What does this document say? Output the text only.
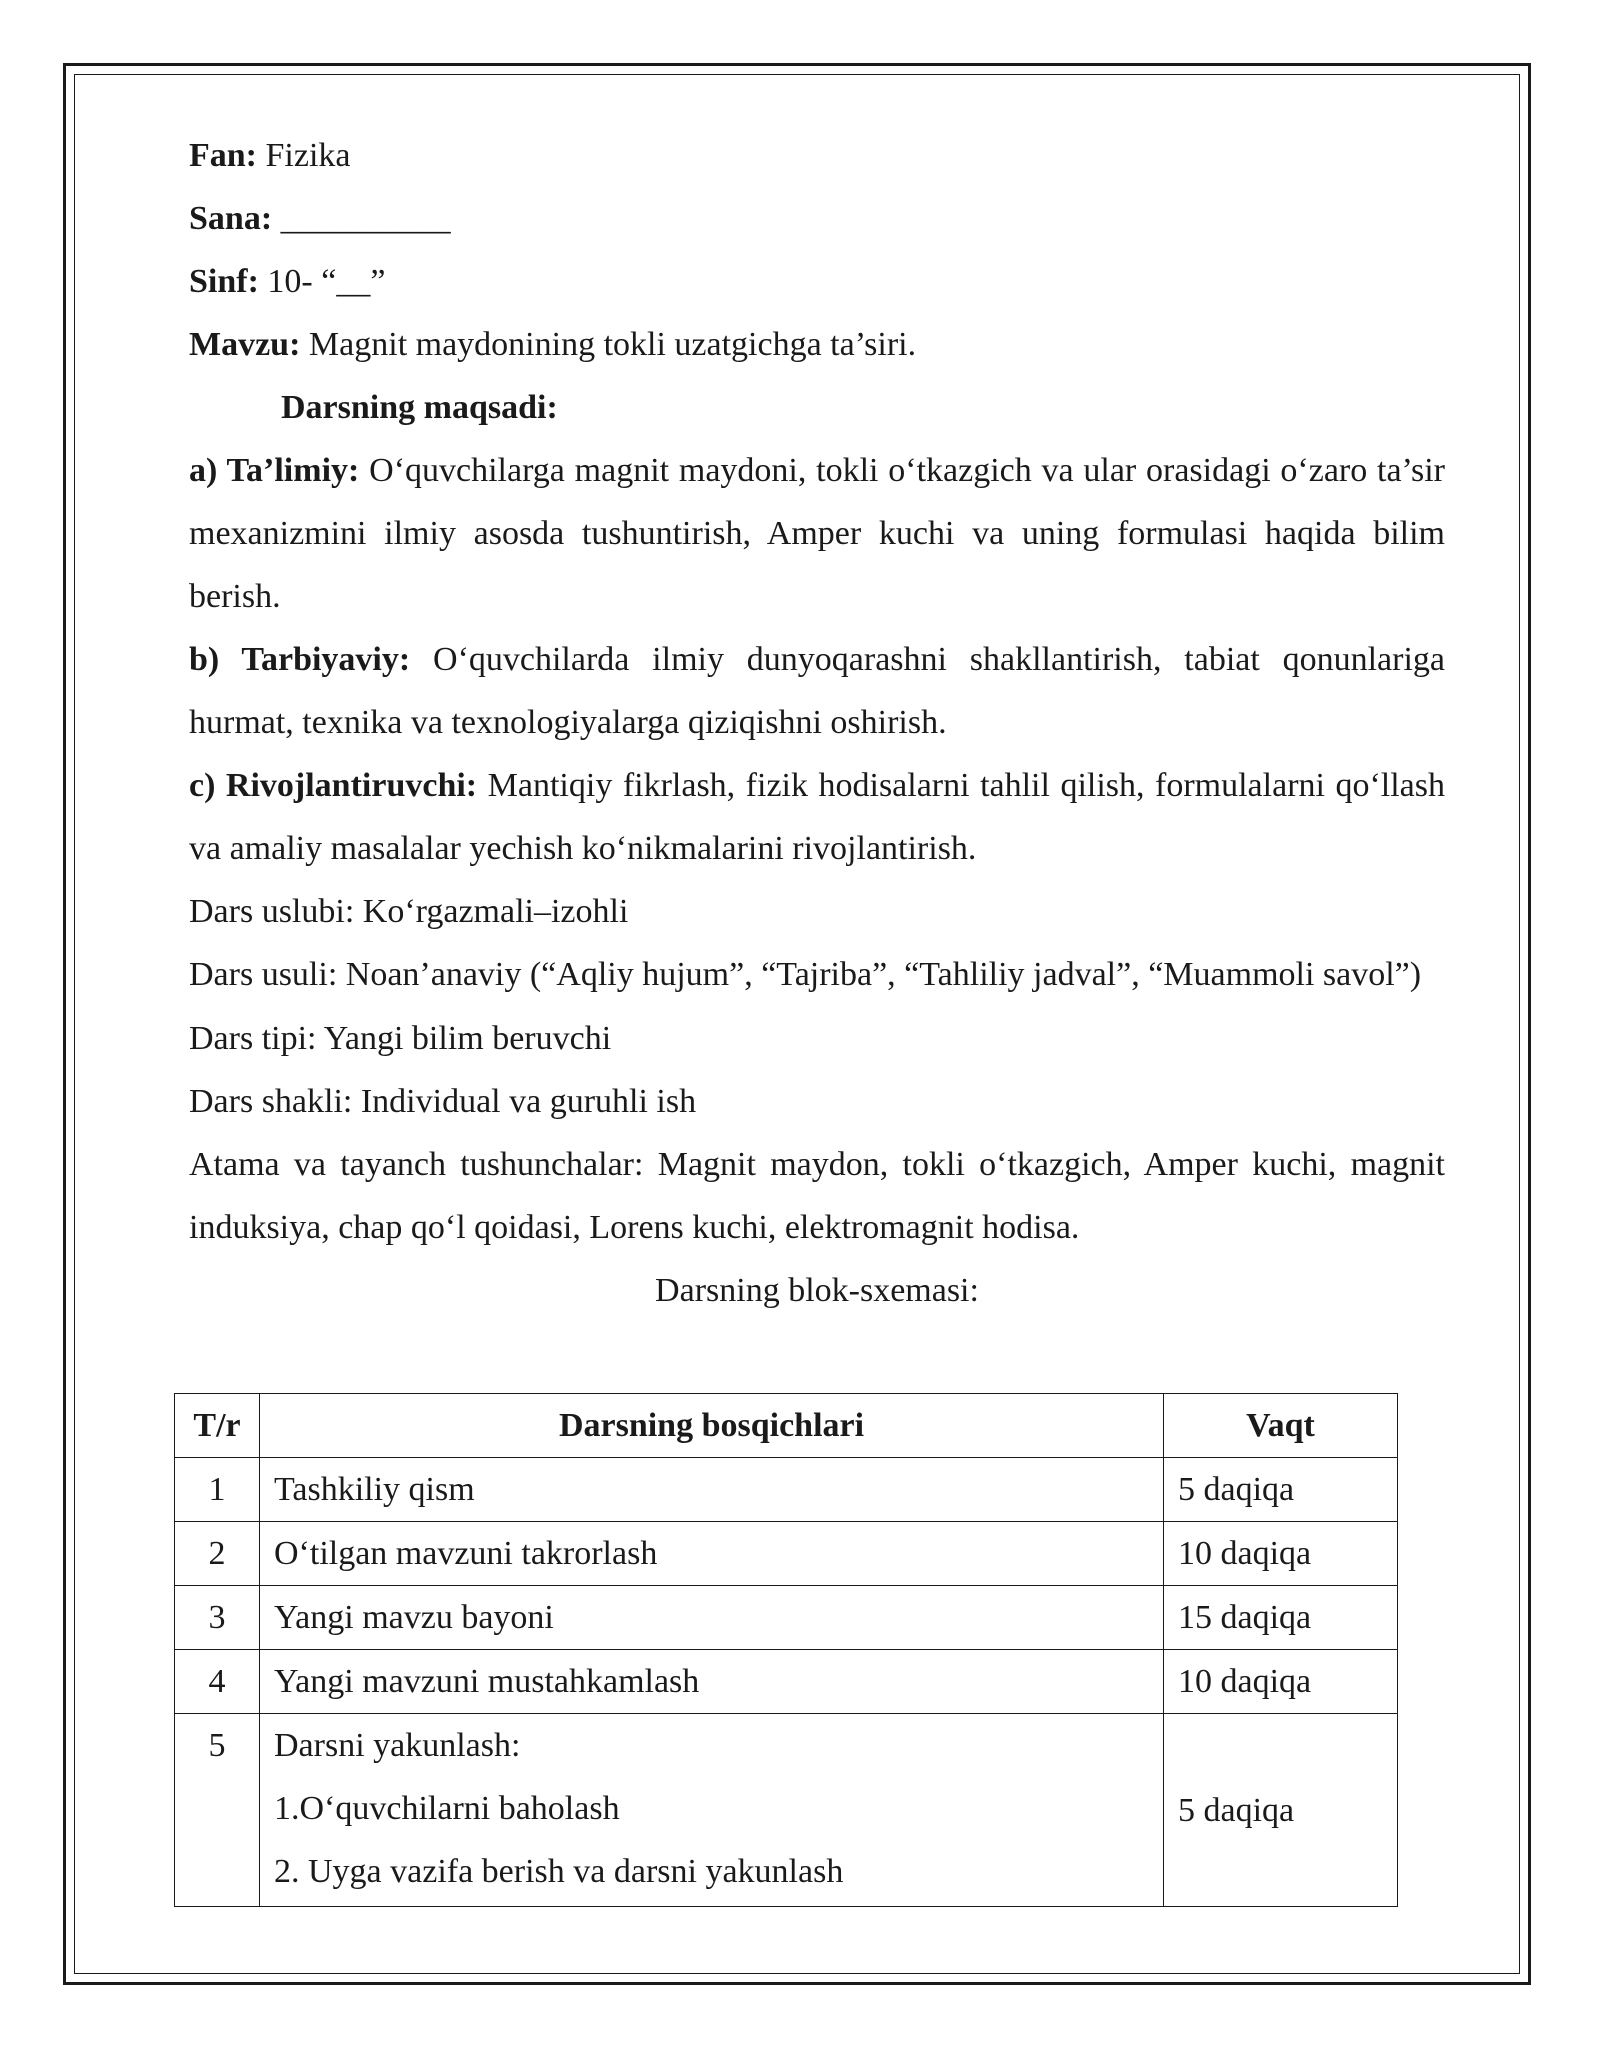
Fan: Fizika

Sana: __________

Sinf: 10- “__”

Mavzu: Magnit maydonining tokli uzatgichga ta’siri.

Darsning maqsadi:

a) Ta’limiy: O‘quvchilarga magnit maydoni, tokli o‘tkazgich va ular orasidagi o‘zaro ta’sir mexanizmini ilmiy asosda tushuntirish, Amper kuchi va uning formulasi haqida bilim berish.

b) Tarbiyaviy: O‘quvchilarda ilmiy dunyoqarashni shakllantirish, tabiat qonunlariga hurmat, texnika va texnologiyalarga qiziqishni oshirish.

c) Rivojlantiruvchi: Mantiqiy fikrlash, fizik hodisalarni tahlil qilish, formulalarni qo‘llash va amaliy masalalar yechish ko‘nikmalarini rivojlantirish.

Dars uslubi: Ko‘rgazmali–izohli

Dars usuli: Noan’anaviy (“Aqliy hujum”, “Tajriba”, “Tahliliy jadval”, “Muammoli savol”)

Dars tipi: Yangi bilim beruvchi

Dars shakli: Individual va guruhli ish

Atama va tayanch tushunchalar: Magnit maydon, tokli o‘tkazgich, Amper kuchi, magnit induksiya, chap qo‘l qoidasi, Lorens kuchi, elektromagnit hodisa.

Darsning blok-sxemasi:

T/r	Darsning bosqichlari	Vaqt
1	Tashkiliy qism	5 daqiqa
2	O‘tilgan mavzuni takrorlash	10 daqiqa
3	Yangi mavzu bayoni	15 daqiqa
4	Yangi mavzuni mustahkamlash	10 daqiqa
5	Darsni yakunlash:
1.O‘quvchilarni baholash
2. Uyga vazifa berish va darsni yakunlash	5 daqiqa
